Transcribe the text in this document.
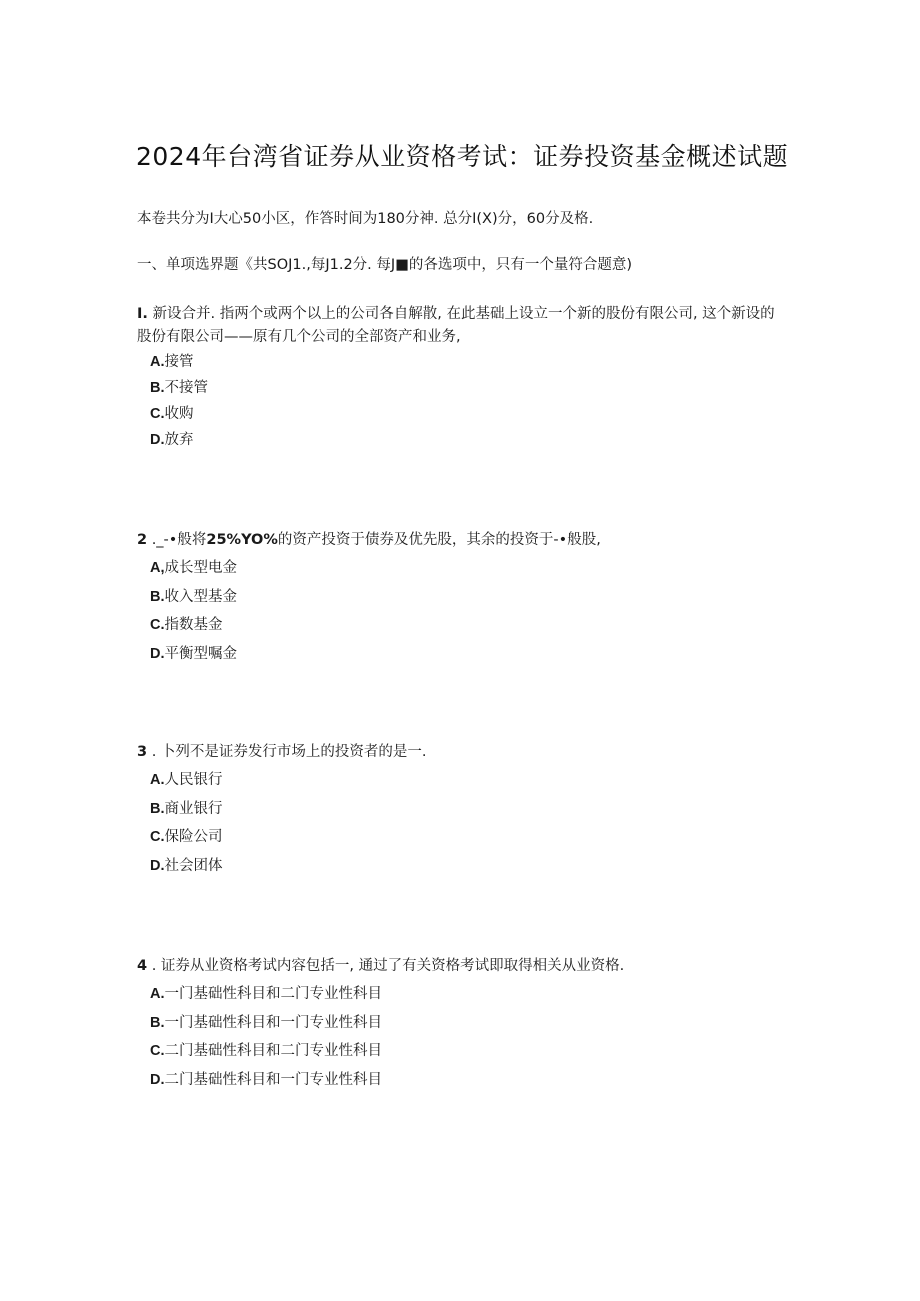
2024年台湾省证券从业资格考试：证券投资基金概述试题
本卷共分为I大心50小区，作答时间为180分神. 总分I(X)分，60分及格.
一、单项选界题《共SOJ1.,每J1.2分. 每J■的各选项中，只有一个量符合题意)

I. 新设合并. 指两个或两个以上的公司各自解散, 在此基础上设立一个新的股份有限公司, 这个新设的股份有限公司——原有几个公司的全部资产和业务,

A.接管
B.不接管
C.收购
D.放弃

2 ._-•般将25%YO%的资产投资于债券及优先股，其余的投资于-•般股,

A,成长型电金
B.收入型基金
C.指数基金
D.平衡型嘱金

3 . 卜列不是证券发行市场上的投资者的是一.

A.人民银行
B.商业银行
C.保险公司
D.社会团体

4 . 证券从业资格考试内容包括一, 通过了有关资格考试即取得相关从业资格.

A.一门基础性科目和二门专业性科目
B.一门基础性科目和一门专业性科目
C.二门基础性科目和二门专业性科目
D.二门基础性科目和一门专业性科目
